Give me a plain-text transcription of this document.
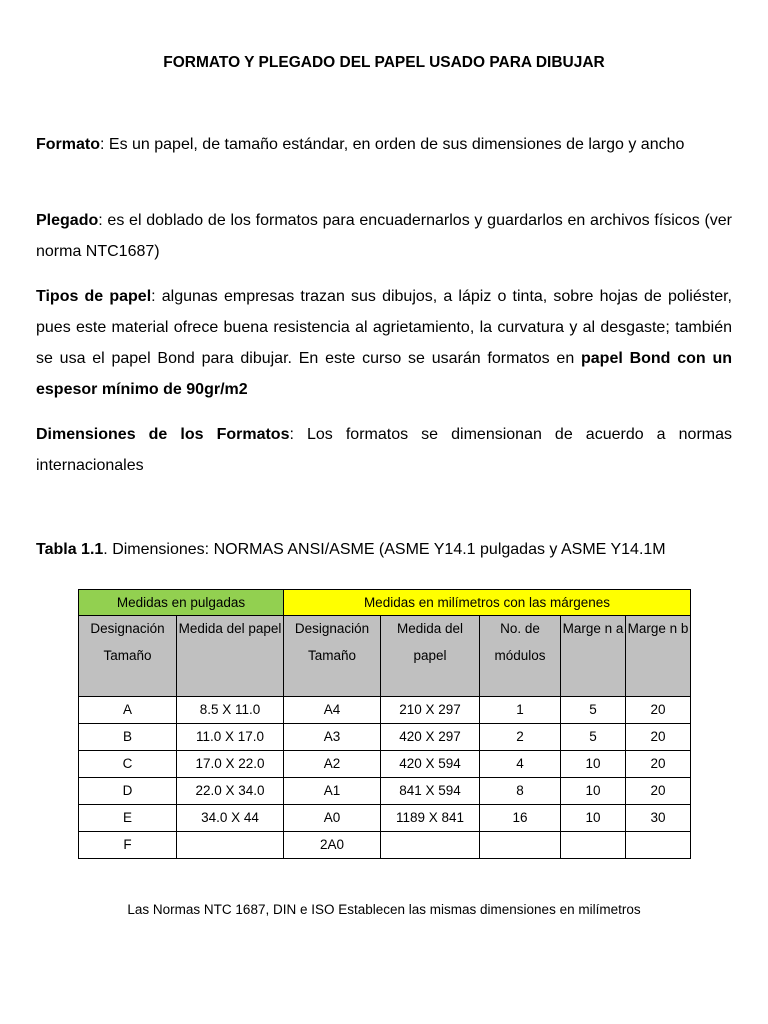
FORMATO Y PLEGADO DEL PAPEL USADO PARA DIBUJAR

Formato: Es un papel, de tamaño estándar, en orden de sus dimensiones de largo y ancho

Plegado: es el doblado de los formatos para encuadernarlos y guardarlos en archivos físicos (ver norma NTC1687)

Tipos de papel: algunas empresas trazan sus dibujos, a lápiz o tinta, sobre hojas de poliéster, pues este material ofrece buena resistencia al agrietamiento, la curvatura y al desgaste; también se usa el papel Bond para dibujar. En este curso se usarán formatos en papel Bond con un espesor mínimo de 90gr/m2

Dimensiones de los Formatos: Los formatos se dimensionan de acuerdo a normas internacionales

Tabla 1.1. Dimensiones: NORMAS ANSI/ASME (ASME Y14.1 pulgadas y ASME Y14.1M
Medidas en pulgadas		Medidas en milímetros con las márgenes				
Designación Tamaño	Medida del papel	Designación Tamaño	Medida del papel	No. de módulos	Marge n a	Marge n b
A	8.5 X 11.0	A4	210 X 297	1	5	20
B	11.0 X 17.0	A3	420 X 297	2	5	20
C	17.0 X 22.0	A2	420 X 594	4	10	20
D	22.0 X 34.0	A1	841 X 594	8	10	20
E	34.0 X 44	A0	1189 X 841	16	10	30
F		2A0				
Las Normas NTC 1687, DIN e ISO Establecen las mismas dimensiones en milímetros
